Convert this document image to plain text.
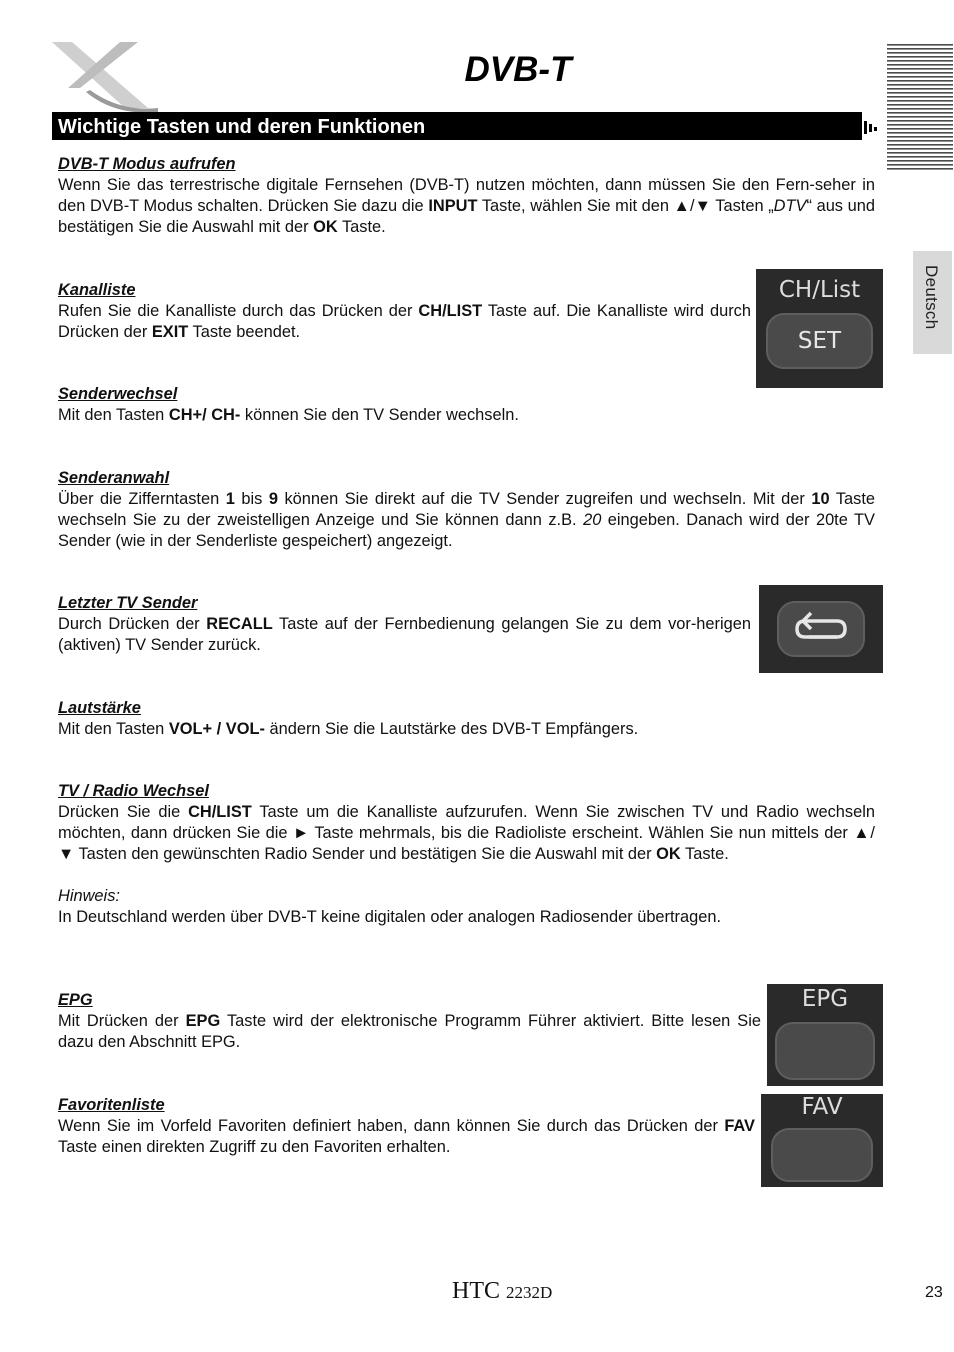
DVB-T
Wichtige Tasten und deren Funktionen
Deutsch
DVB-T Modus aufrufen

Wenn Sie das terrestrische digitale Fernsehen (DVB-T) nutzen möchten, dann müssen Sie den Fern-seher in den DVB-T Modus schalten. Drücken Sie dazu die INPUT Taste, wählen Sie mit den ▲/▼ Tasten „DTV“ aus und bestätigen Sie die Auswahl mit der OK Taste.

Kanalliste

Rufen Sie die Kanalliste durch das Drücken der CH/LIST Taste auf. Die Kanalliste wird durch Drücken der EXIT Taste beendet.

CH/List
SET
Senderwechsel

Mit den Tasten CH+/ CH- können Sie den TV Sender wechseln.

Senderanwahl

Über die Zifferntasten 1 bis 9 können Sie direkt auf die TV Sender zugreifen und wechseln. Mit der 10 Taste wechseln Sie zu der zweistelligen Anzeige und Sie können dann z.B. 20 eingeben. Danach wird der 20te TV Sender (wie in der Senderliste gespeichert) angezeigt.

Letzter TV Sender

Durch Drücken der RECALL Taste auf der Fernbedienung gelangen Sie zu dem vor-herigen (aktiven) TV Sender zurück.

Lautstärke

Mit den Tasten VOL+ / VOL- ändern Sie die Lautstärke des DVB-T Empfängers.

TV / Radio Wechsel

Drücken Sie die CH/LIST Taste um die Kanalliste aufzurufen. Wenn Sie zwischen TV und Radio wechseln möchten, dann drücken Sie die ► Taste mehrmals, bis die Radioliste erscheint. Wählen Sie nun mittels der ▲/▼ Tasten den gewünschten Radio Sender und bestätigen Sie die Auswahl mit der OK Taste.

Hinweis:

In Deutschland werden über DVB-T keine digitalen oder analogen Radiosender übertragen.

EPG

Mit Drücken der EPG Taste wird der elektronische Programm Führer aktiviert. Bitte lesen Sie dazu den Abschnitt EPG.

EPG
Favoritenliste

Wenn Sie im Vorfeld Favoriten definiert haben, dann können Sie durch das Drücken der FAV Taste einen direkten Zugriff zu den Favoriten erhalten.

FAV
HTC 2232D	23
